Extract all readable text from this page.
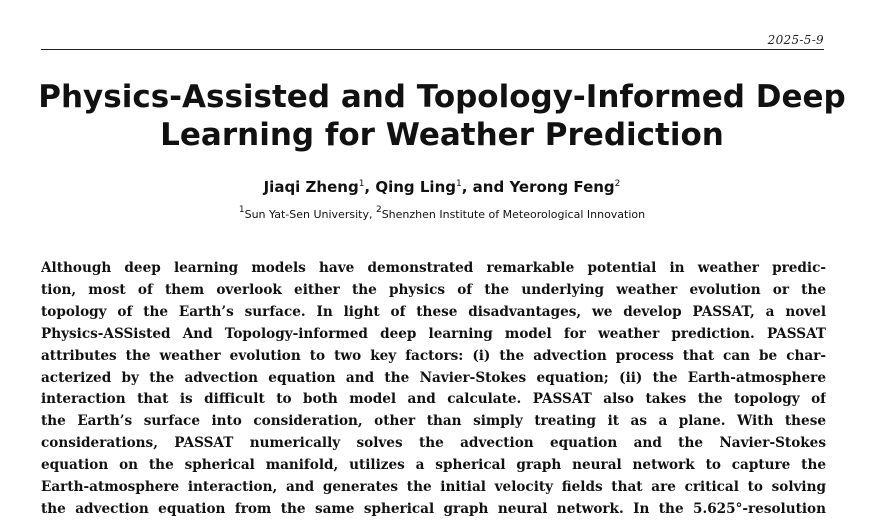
2025-5-9
Physics-Assisted and Topology-Informed Deep
Learning for Weather Prediction
Jiaqi Zheng$^1$, Qing Ling$^1$, and Yerong Feng$^2$
$^1$Sun Yat-Sen University, $^2$Shenzhen Institute of Meteorological Innovation
Although deep learning models have demonstrated remarkable potential in weather predic-
tion, most of them overlook either the physics of the underlying weather evolution or the
topology of the Earth’s surface. In light of these disadvantages, we develop PASSAT, a novel
Physics-ASSisted And Topology-informed deep learning model for weather prediction. PASSAT
attributes the weather evolution to two key factors: (i) the advection process that can be char-
acterized by the advection equation and the Navier-Stokes equation; (ii) the Earth-atmosphere
interaction that is difficult to both model and calculate. PASSAT also takes the topology of
the Earth’s surface into consideration, other than simply treating it as a plane. With these
considerations, PASSAT numerically solves the advection equation and the Navier-Stokes
equation on the spherical manifold, utilizes a spherical graph neural network to capture the
Earth-atmosphere interaction, and generates the initial velocity fields that are critical to solving
the advection equation from the same spherical graph neural network. In the 5.625°-resolution
